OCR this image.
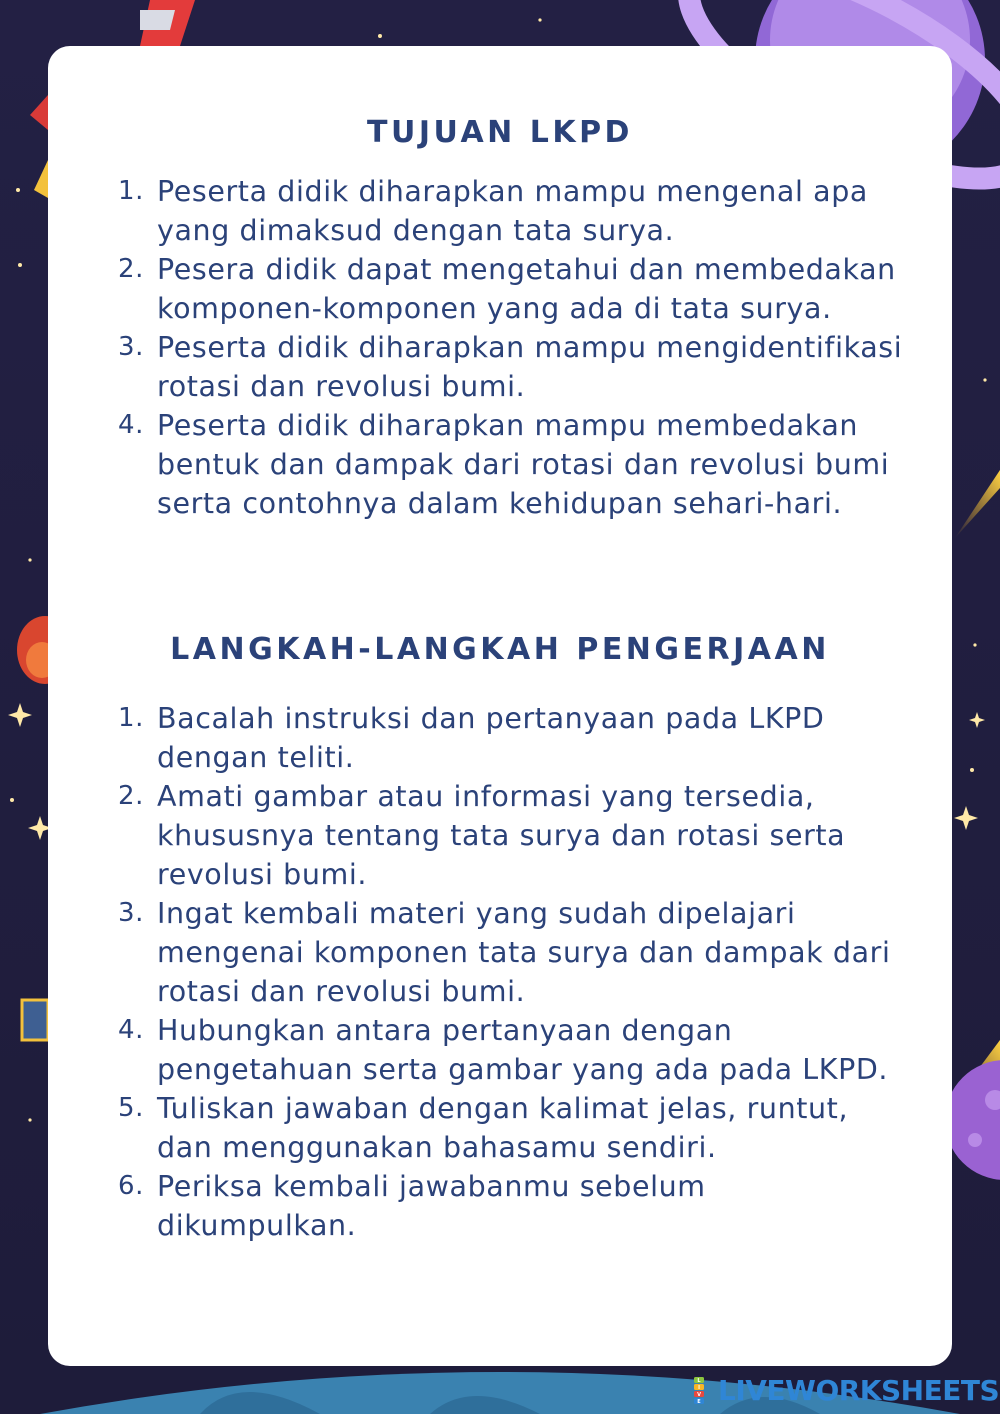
TUJUAN LKPD
1. Peserta didik diharapkan mampu mengenal apa yang dimaksud dengan tata surya.
2. Pesera didik dapat mengetahui dan membedakan komponen-komponen yang ada di tata surya.
3. Peserta didik diharapkan mampu mengidentifikasi rotasi dan revolusi bumi.
4. Peserta didik diharapkan mampu membedakan bentuk dan dampak dari rotasi dan revolusi bumi serta contohnya dalam kehidupan sehari-hari.
LANGKAH-LANGKAH PENGERJAAN
1. Bacalah instruksi dan pertanyaan pada LKPD dengan teliti.
2. Amati gambar atau informasi yang tersedia, khususnya tentang tata surya dan rotasi serta revolusi bumi.
3. Ingat kembali materi yang sudah dipelajari mengenai komponen tata surya dan dampak dari rotasi dan revolusi bumi.
4. Hubungkan antara pertanyaan dengan pengetahuan serta gambar yang ada pada LKPD.
5. Tuliskan jawaban dengan kalimat jelas, runtut, dan menggunakan bahasamu sendiri.
6. Periksa kembali jawabanmu sebelum dikumpulkan.
L
I
V
E LIVEWORKSHEETS
